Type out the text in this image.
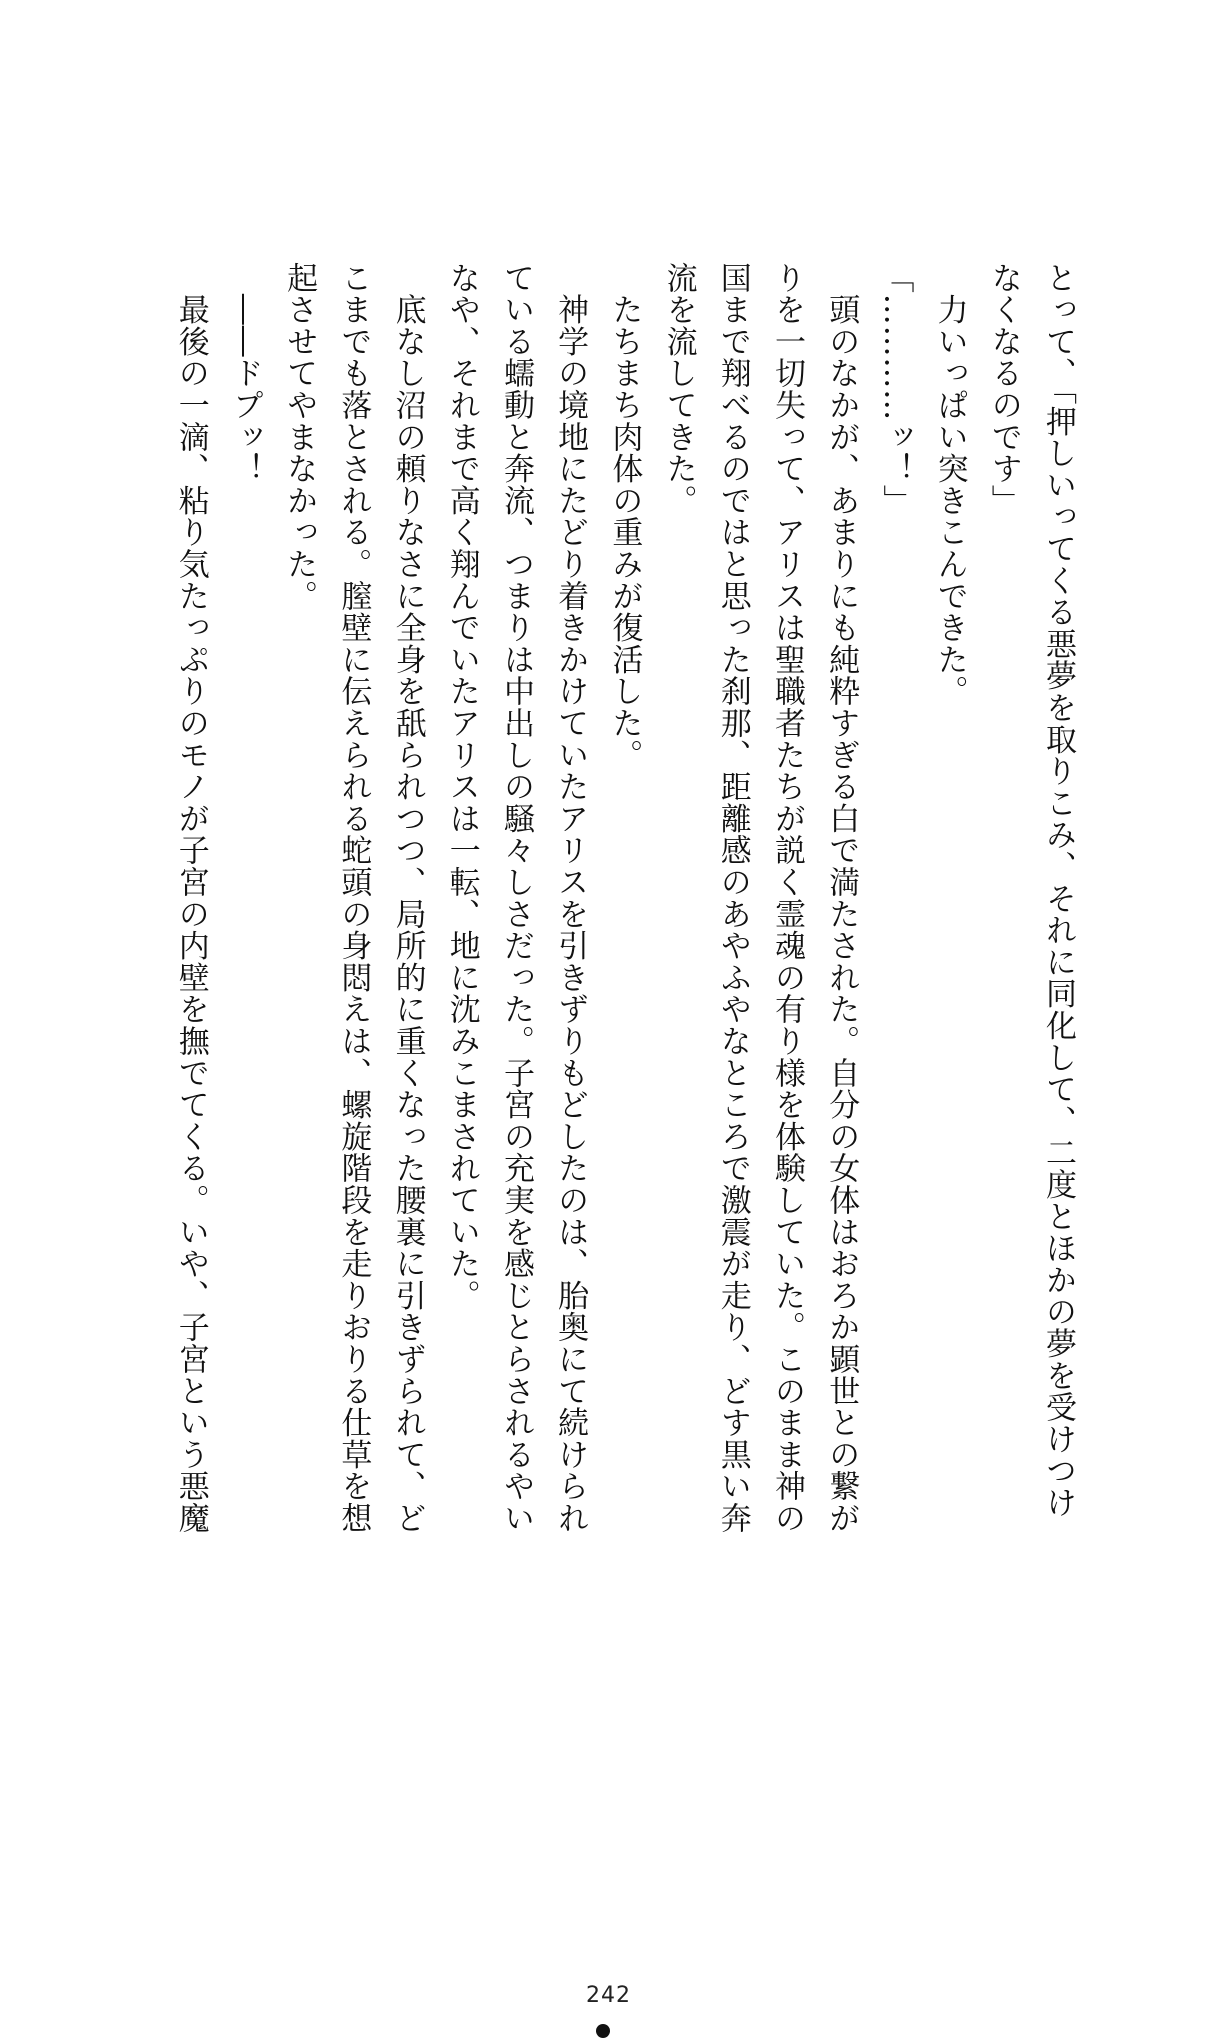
とって、「押しいってくる悪夢を取りこみ、それに同化して、二度とほかの夢を受けつけ
なくなるのです」
　力いっぱい突きこんできた。
「…………ッ！」
　頭のなかが、あまりにも純粋すぎる白で満たされた。自分の女体はおろか顕世との繋が
りを一切失って、アリスは聖職者たちが説く霊魂の有り様を体験していた。このまま神の
国まで翔べるのではと思った刹那、距離感のあやふやなところで激震が走り、どす黒い奔
流を流してきた。
　たちまち肉体の重みが復活した。
　神学の境地にたどり着きかけていたアリスを引きずりもどしたのは、胎奥にて続けられ
ている蠕動と奔流、つまりは中出しの騒々しさだった。子宮の充実を感じとらされるやい
なや、それまで高く翔んでいたアリスは一転、地に沈みこまされていた。
　底なし沼の頼りなさに全身を舐られつつ、局所的に重くなった腰裏に引きずられて、ど
こまでも落とされる。膣壁に伝えられる蛇頭の身悶えは、螺旋階段を走りおりる仕草を想
起させてやまなかった。
　――ドプッ！
　最後の一滴、粘り気たっぷりのモノが子宮の内壁を撫でてくる。いや、子宮という悪魔
242
